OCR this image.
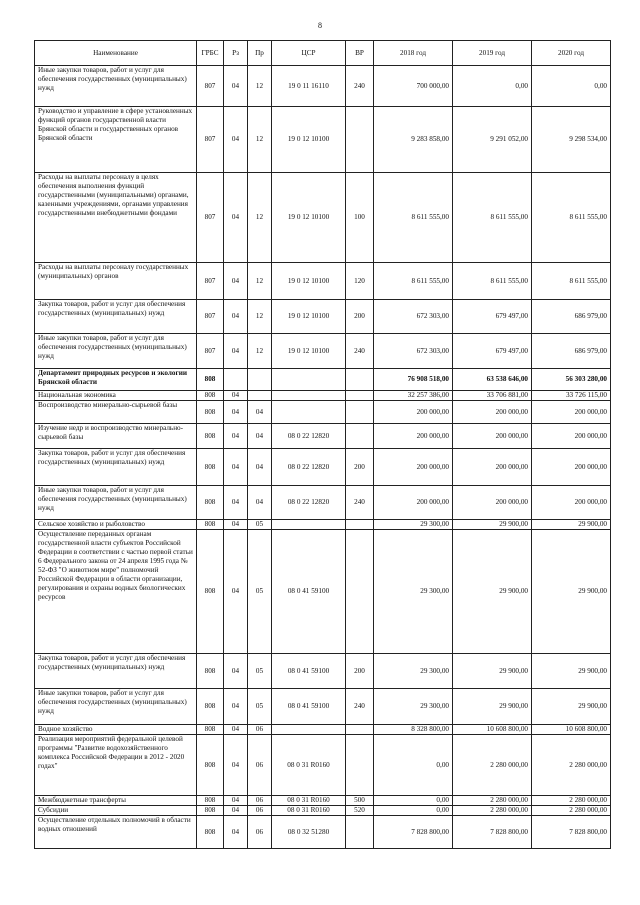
8
Наименование	ГРБС	Рз	Пр	ЦСР	ВР	2018 год	2019 год	2020 год
Иные закупки товаров, работ и услуг для обеспечения государственных (муниципальных) нужд	807	04	12	19 0 11 16110	240	700 000,00	0,00	0,00
Руководство и управление в сфере установленных функций органов государственной власти Брянской области и государственных органов Брянской области	807	04	12	19 0 12 10100		9 283 858,00	9 291 052,00	9 298 534,00
Расходы на выплаты персоналу в целях обеспечения выполнения функций государственными (муниципальными) органами, казенными учреждениями, органами управления государственными внебюджетными фондами	807	04	12	19 0 12 10100	100	8 611 555,00	8 611 555,00	8 611 555,00
Расходы на выплаты персоналу государственных (муниципальных) органов	807	04	12	19 0 12 10100	120	8 611 555,00	8 611 555,00	8 611 555,00
Закупка товаров, работ и услуг для обеспечения государственных (муниципальных) нужд	807	04	12	19 0 12 10100	200	672 303,00	679 497,00	686 979,00
Иные закупки товаров, работ и услуг для обеспечения государственных (муниципальных) нужд	807	04	12	19 0 12 10100	240	672 303,00	679 497,00	686 979,00
Департамент природных ресурсов и экологии Брянской области	808					76 908 518,00	63 538 646,00	56 303 280,00
Национальная экономика	808	04				32 257 386,00	33 706 881,00	33 726 115,00
Воспроизводство минерально-сырьевой базы	808	04	04			200 000,00	200 000,00	200 000,00
Изучение недр и воспроизводство минерально-сырьевой базы	808	04	04	08 0 22 12820		200 000,00	200 000,00	200 000,00
Закупка товаров, работ и услуг для обеспечения государственных (муниципальных) нужд	808	04	04	08 0 22 12820	200	200 000,00	200 000,00	200 000,00
Иные закупки товаров, работ и услуг для обеспечения государственных (муниципальных) нужд	808	04	04	08 0 22 12820	240	200 000,00	200 000,00	200 000,00
Сельское хозяйство и рыболовство	808	04	05			29 300,00	29 900,00	29 900,00
Осуществление переданных органам государственной власти субъектов Российской Федерации в соответствии с частью первой статьи 6 Федерального закона от 24 апреля 1995 года № 52-ФЗ "О животном мире" полномочий Российской Федерации в области организации, регулирования и охраны водных биологических ресурсов	808	04	05	08 0 41 59100		29 300,00	29 900,00	29 900,00
Закупка товаров, работ и услуг для обеспечения государственных (муниципальных) нужд	808	04	05	08 0 41 59100	200	29 300,00	29 900,00	29 900,00
Иные закупки товаров, работ и услуг для обеспечения государственных (муниципальных) нужд	808	04	05	08 0 41 59100	240	29 300,00	29 900,00	29 900,00
Водное хозяйство	808	04	06			8 328 800,00	10 608 800,00	10 608 800,00
Реализация мероприятий федеральной целевой программы "Развитие водохозяйственного комплекса Российской Федерации в 2012 - 2020 годах"	808	04	06	08 0 31 R0160		0,00	2 280 000,00	2 280 000,00
Межбюджетные трансферты	808	04	06	08 0 31 R0160	500	0,00	2 280 000,00	2 280 000,00
Субсидии	808	04	06	08 0 31 R0160	520	0,00	2 280 000,00	2 280 000,00
Осуществление отдельных полномочий в области водных отношений	808	04	06	08 0 32 51280		7 828 800,00	7 828 800,00	7 828 800,00
